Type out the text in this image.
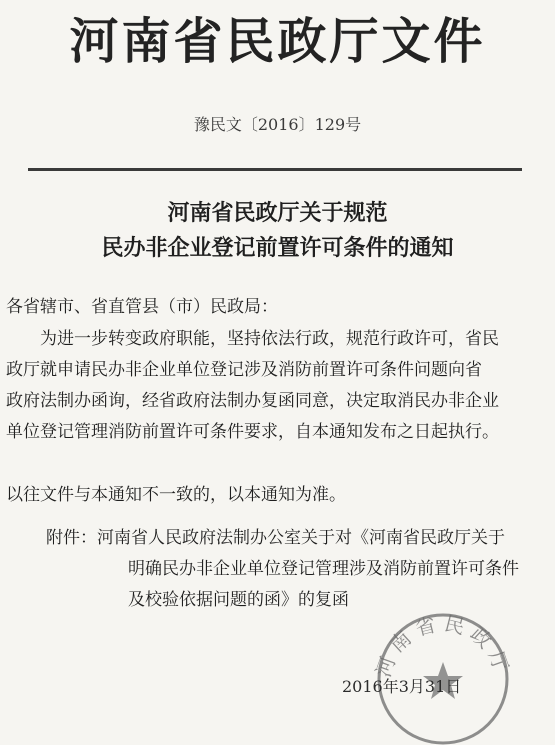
河南省民政厅文件
豫民文〔2016〕129号
河南省民政厅关于规范
民办非企业登记前置许可条件的通知
各省辖市、省直管县（市）民政局：
为进一步转变政府职能，坚持依法行政，规范行政许可，省民
政厅就申请民办非企业单位登记涉及消防前置许可条件问题向省
政府法制办函询，经省政府法制办复函同意，决定取消民办非企业
单位登记管理消防前置许可条件要求，自本通知发布之日起执行。
以往文件与本通知不一致的，以本通知为准。
附件：河南省人民政府法制办公室关于对《河南省民政厅关于
明确民办非企业单位登记管理涉及消防前置许可条件
及校验依据问题的函》的复函
河南省民政厅
2016年3月31日
